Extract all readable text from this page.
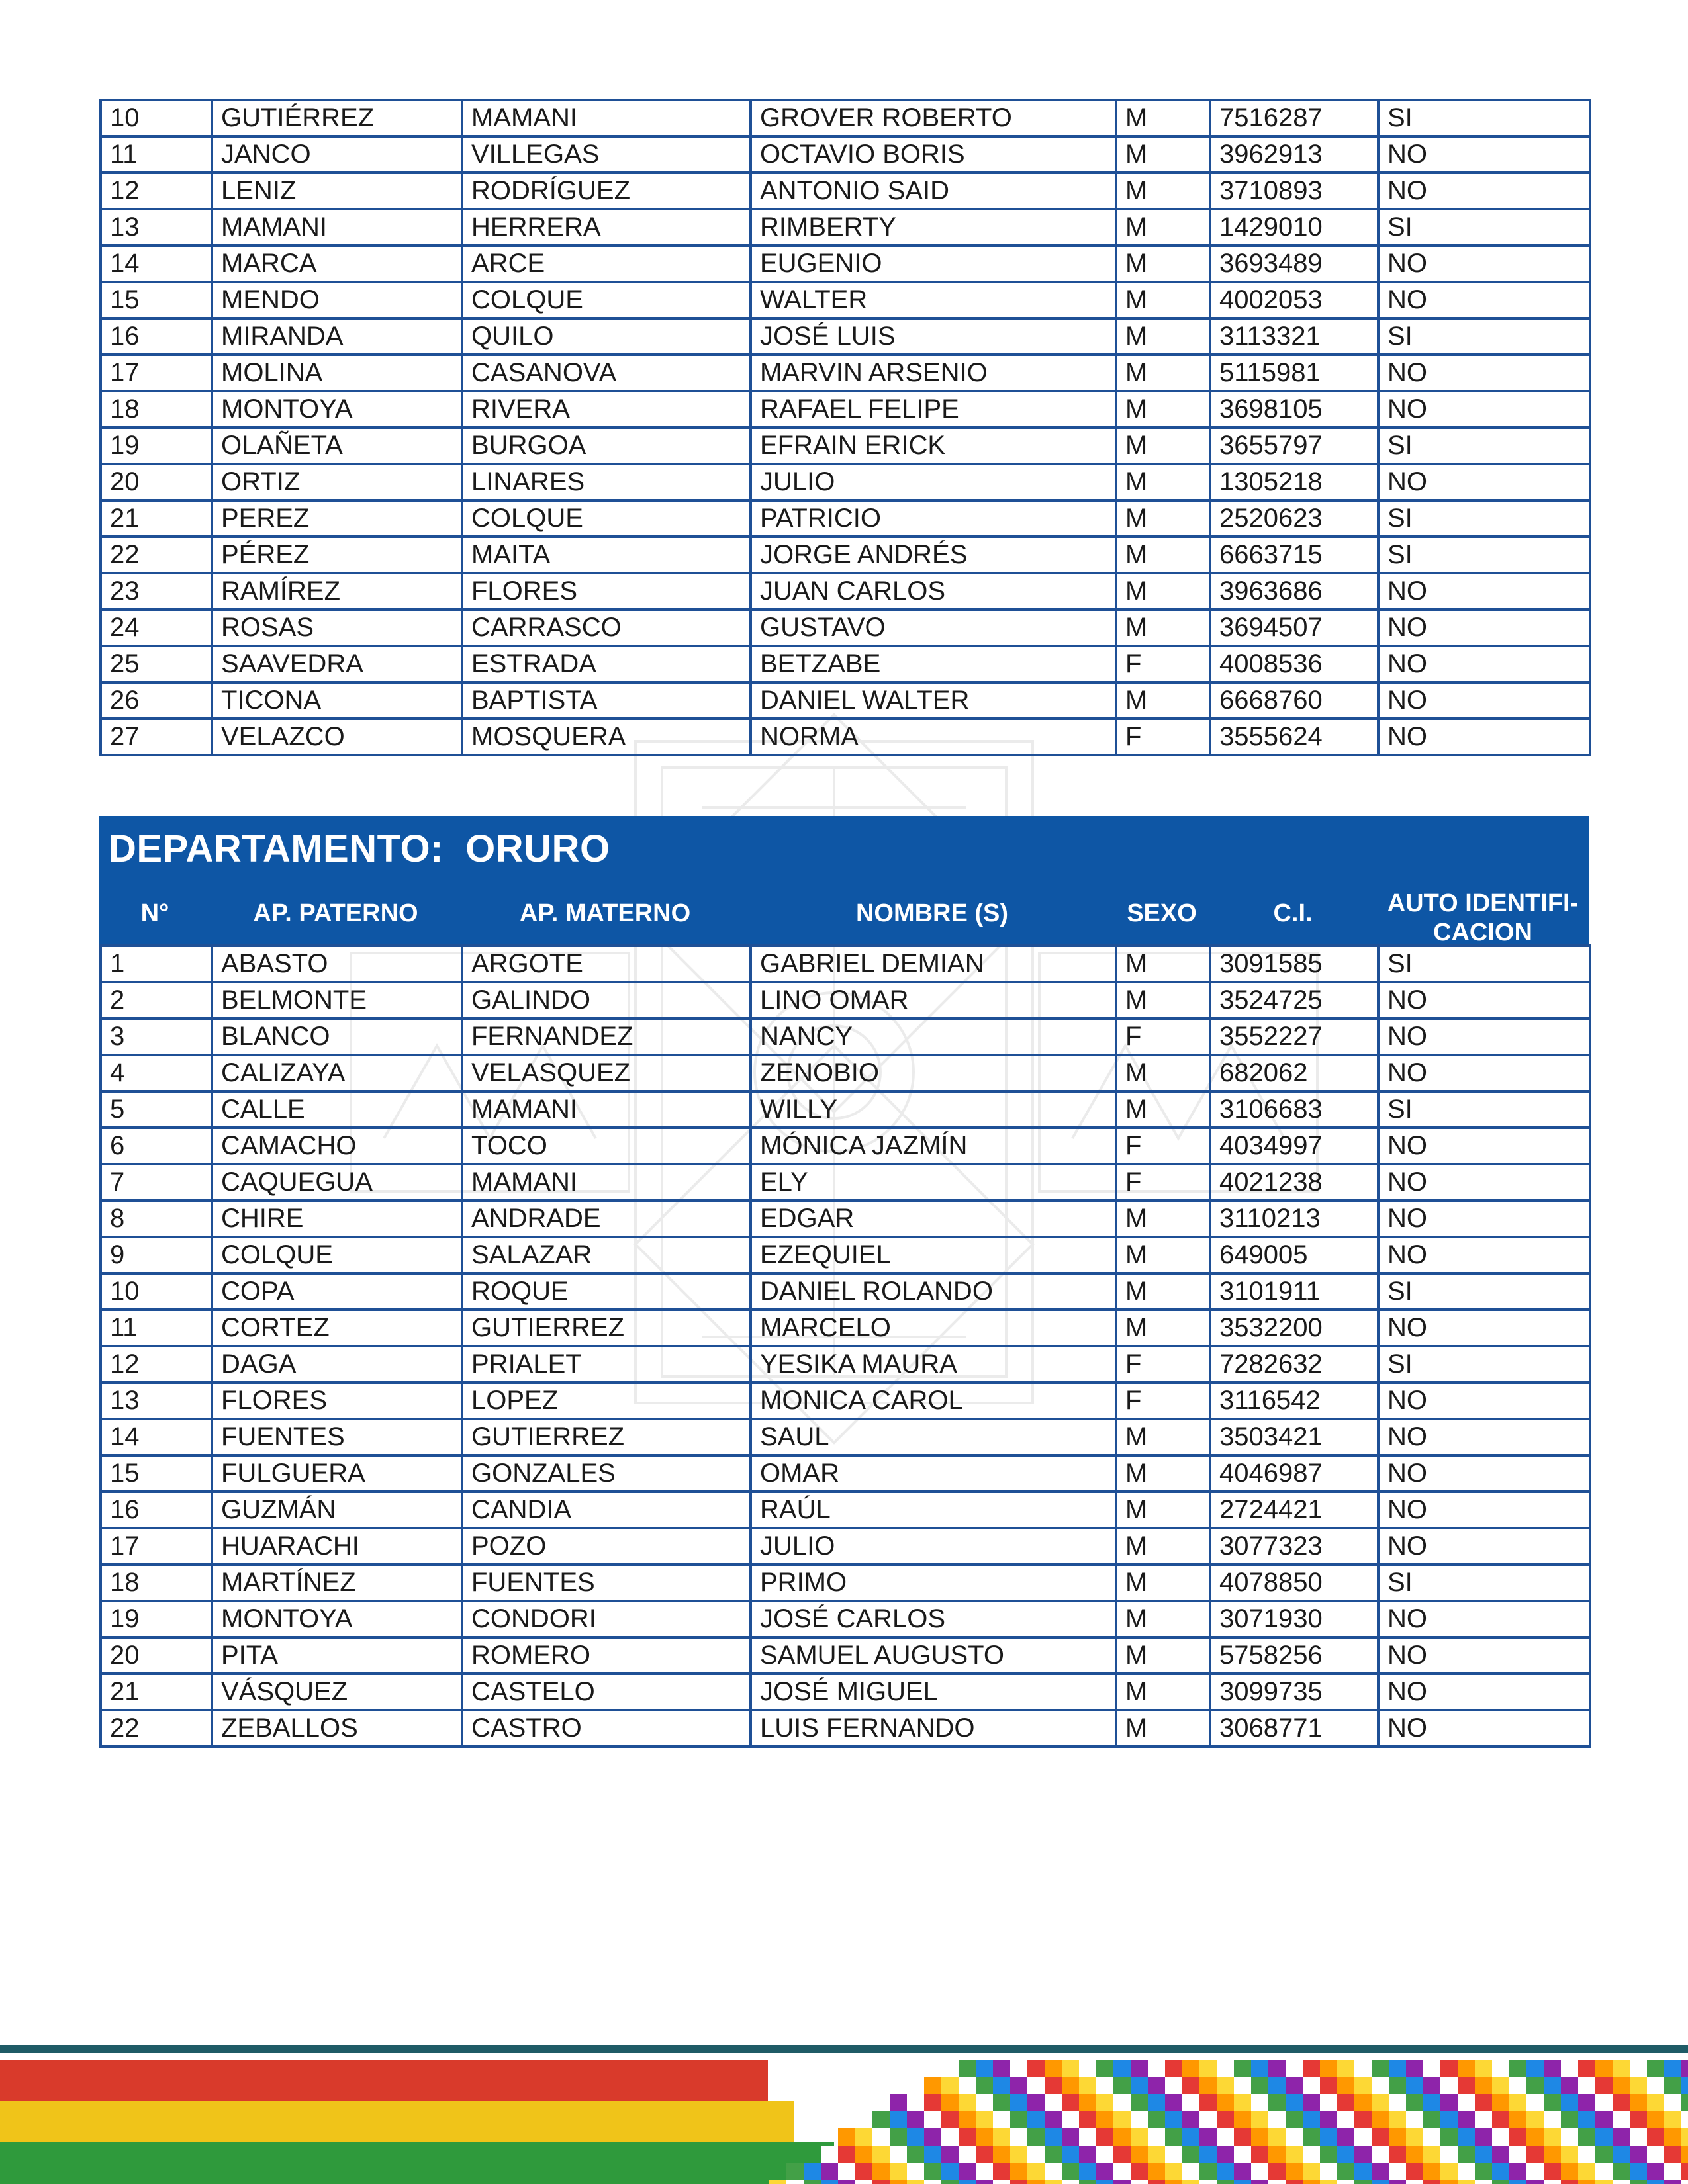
10	GUTIÉRREZ	MAMANI	GROVER ROBERTO	M	7516287	SI
11	JANCO	VILLEGAS	OCTAVIO BORIS	M	3962913	NO
12	LENIZ	RODRÍGUEZ	ANTONIO SAID	M	3710893	NO
13	MAMANI	HERRERA	RIMBERTY	M	1429010	SI
14	MARCA	ARCE	EUGENIO	M	3693489	NO
15	MENDO	COLQUE	WALTER	M	4002053	NO
16	MIRANDA	QUILO	JOSÉ LUIS	M	3113321	SI
17	MOLINA	CASANOVA	MARVIN ARSENIO	M	5115981	NO
18	MONTOYA	RIVERA	RAFAEL FELIPE	M	3698105	NO
19	OLAÑETA	BURGOA	EFRAIN ERICK	M	3655797	SI
20	ORTIZ	LINARES	JULIO	M	1305218	NO
21	PEREZ	COLQUE	PATRICIO	M	2520623	SI
22	PÉREZ	MAITA	JORGE ANDRÉS	M	6663715	SI
23	RAMÍREZ	FLORES	JUAN CARLOS	M	3963686	NO
24	ROSAS	CARRASCO	GUSTAVO	M	3694507	NO
25	SAAVEDRA	ESTRADA	BETZABE	F	4008536	NO
26	TICONA	BAPTISTA	DANIEL WALTER	M	6668760	NO
27	VELAZCO	MOSQUERA	NORMA	F	3555624	NO
DEPARTAMENTO: ORURO
N°	AP. PATERNO	AP. MATERNO	NOMBRE (S)	SEXO	C.I.	AUTO IDENTIFI-
CACION
1	ABASTO	ARGOTE	GABRIEL DEMIAN	M	3091585	SI
2	BELMONTE	GALINDO	LINO OMAR	M	3524725	NO
3	BLANCO	FERNANDEZ	NANCY	F	3552227	NO
4	CALIZAYA	VELASQUEZ	ZENOBIO	M	682062	NO
5	CALLE	MAMANI	WILLY	M	3106683	SI
6	CAMACHO	TOCO	MÓNICA JAZMÍN	F	4034997	NO
7	CAQUEGUA	MAMANI	ELY	F	4021238	NO
8	CHIRE	ANDRADE	EDGAR	M	3110213	NO
9	COLQUE	SALAZAR	EZEQUIEL	M	649005	NO
10	COPA	ROQUE	DANIEL ROLANDO	M	3101911	SI
11	CORTEZ	GUTIERREZ	MARCELO	M	3532200	NO
12	DAGA	PRIALET	YESIKA MAURA	F	7282632	SI
13	FLORES	LOPEZ	MONICA CAROL	F	3116542	NO
14	FUENTES	GUTIERREZ	SAUL	M	3503421	NO
15	FULGUERA	GONZALES	OMAR	M	4046987	NO
16	GUZMÁN	CANDIA	RAÚL	M	2724421	NO
17	HUARACHI	POZO	JULIO	M	3077323	NO
18	MARTÍNEZ	FUENTES	PRIMO	M	4078850	SI
19	MONTOYA	CONDORI	JOSÉ CARLOS	M	3071930	NO
20	PITA	ROMERO	SAMUEL AUGUSTO	M	5758256	NO
21	VÁSQUEZ	CASTELO	JOSÉ MIGUEL	M	3099735	NO
22	ZEBALLOS	CASTRO	LUIS FERNANDO	M	3068771	NO
